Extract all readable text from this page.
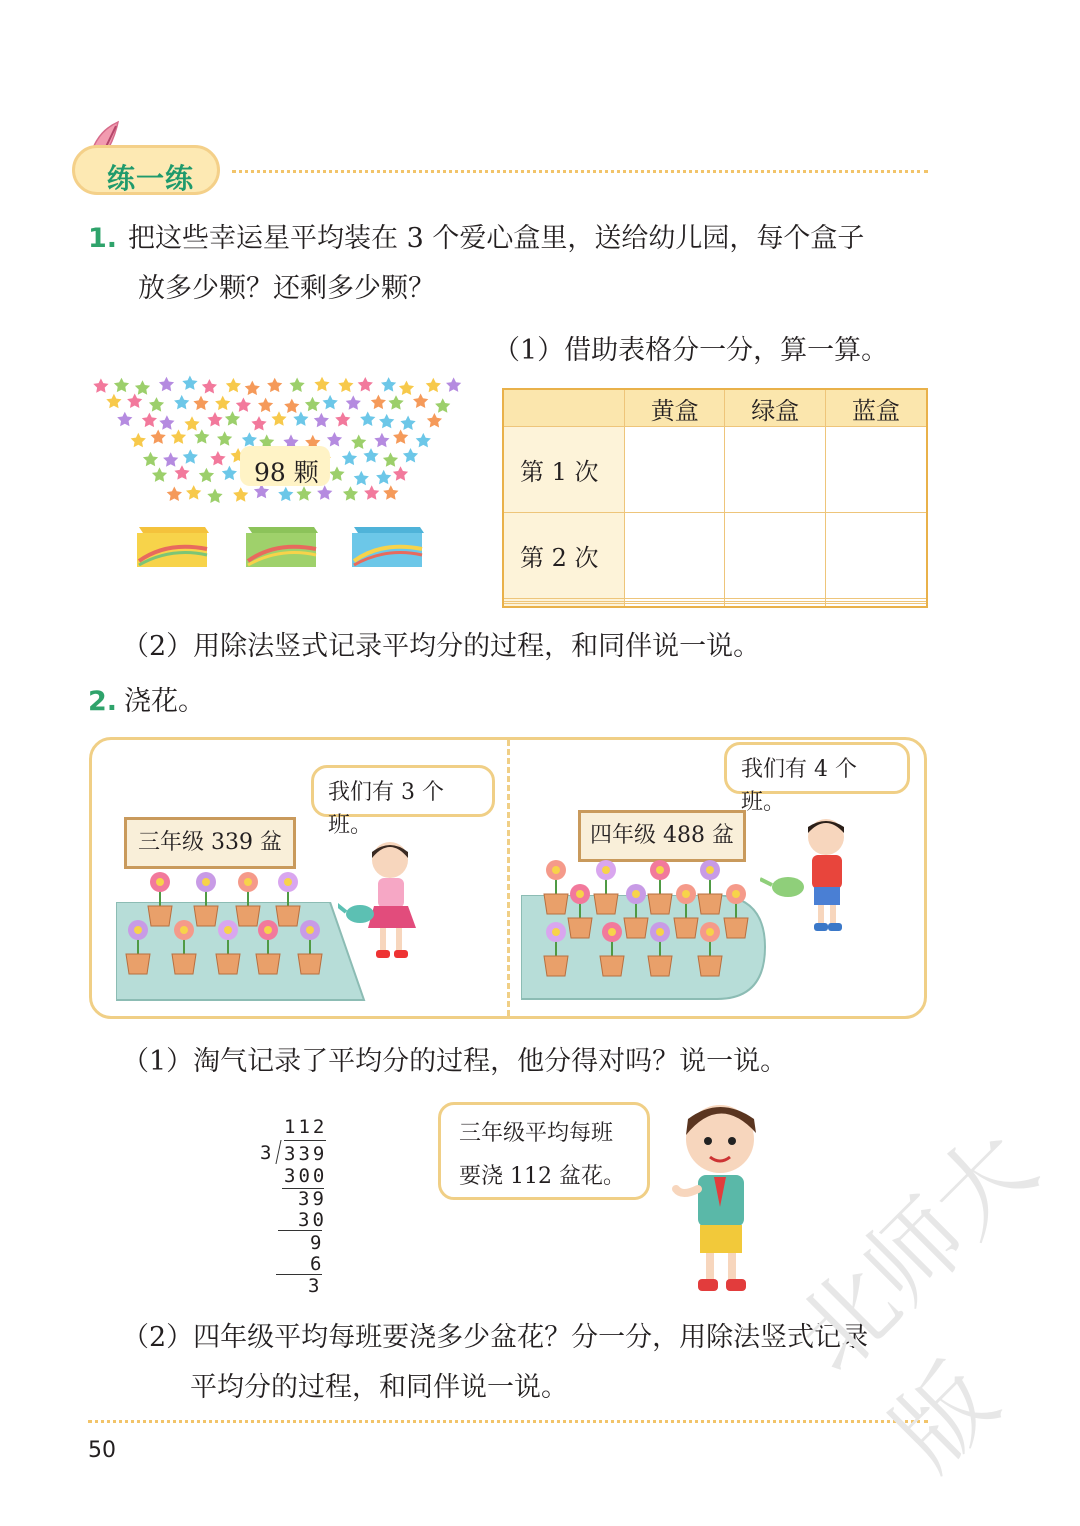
练一练
1. 把这些幸运星平均装在 3 个爱心盒里，送给幼儿园，每个盒子
放多少颗？还剩多少颗？
（1）借助表格分一分，算一算。
98 颗
	黄盒	绿盒	蓝盒
第 1 次			
第 2 次			

（2）用除法竖式记录平均分的过程，和同伴说一说。
2. 浇花。
三年级 339 盆
我们有 3 个班。	四年级 488 盆
我们有 4 个班。
（1）淘气记录了平均分的过程，他分得对吗？说一说。
112
3 339
300
39
30
9
6
3
三年级平均每班
要浇 112 盆花。
（2）四年级平均每班要浇多少盆花？分一分，用除法竖式记录
平均分的过程，和同伴说一说。
50
北师大版
